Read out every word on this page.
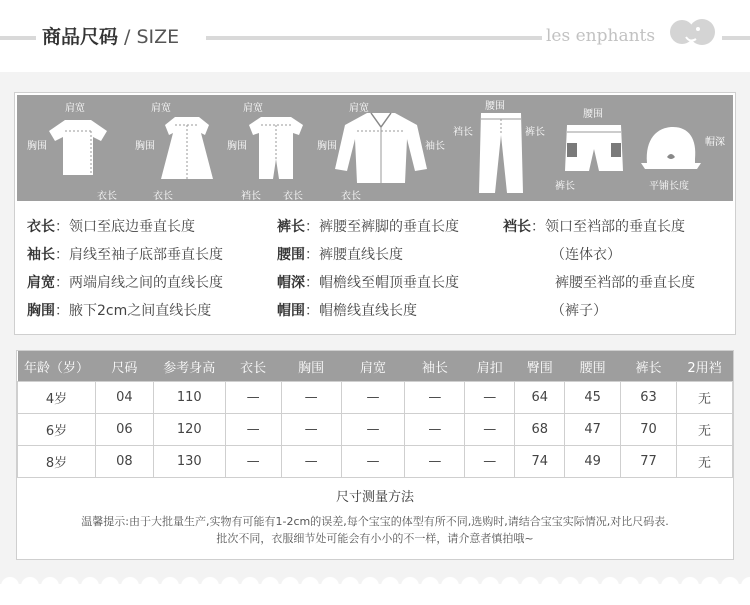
商品尺码 / SIZE	les enphants
肩宽
胸围
衣长
肩宽
胸围
衣长
肩宽
胸围
裆长 衣长
肩宽
胸围	袖长
衣长
腰围
裆长	裤长
腰围
裤长
帽深
平铺长度
衣长：领口至底边垂直长度
袖长：肩线至袖子底部垂直长度
肩宽：两端肩线之间的直线长度
胸围：腋下2cm之间直线长度
裤长：裤腰至裤脚的垂直长度
腰围：裤腰直线长度
帽深：帽檐线至帽顶垂直长度
帽围：帽檐线直线长度
裆长：领口至裆部的垂直长度
（连体衣）
裤腰至裆部的垂直长度
（裤子）
年龄（岁）	尺码	参考身高	衣长	胸围	肩宽	袖长	肩扣	臀围	腰围	裤长	2用裆
4岁	04	110	—	—	—	—	—	64	45	63	无
6岁	06	120	—	—	—	—	—	68	47	70	无
8岁	08	130	—	—	—	—	—	74	49	77	无
尺寸测量方法
温馨提示:由于大批量生产,实物有可能有1-2cm的误差,每个宝宝的体型有所不同,选购时,请结合宝宝实际情况,对比尺码表.
批次不同，衣服细节处可能会有小小的不一样，请介意者慎拍哦~
